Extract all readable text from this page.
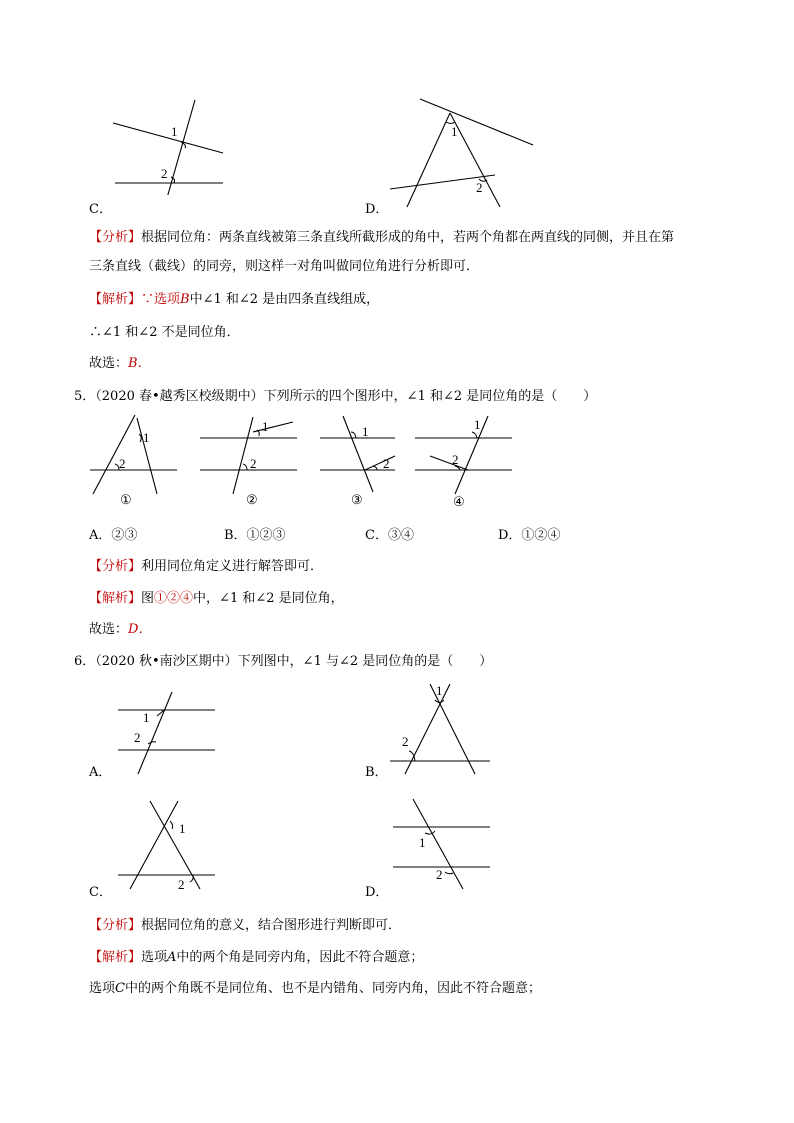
1
2
C．
1
2
D．
【分析】根据同位角：两条直线被第三条直线所截形成的角中，若两个角都在两直线的同侧，并且在第
三条直线（截线）的同旁，则这样一对角叫做同位角进行分析即可．
【解析】∵选项B中∠1 和∠2 是由四条直线组成，
∴∠1 和∠2 不是同位角．
故选：B．
5．（2020 春•越秀区校级期中）下列所示的四个图形中，∠1 和∠2 是同位角的是（　　）
1
2
①
1
2
②
1
2
③
1
2
④
A．②③	B．①②③	C．③④	D．①②④
【分析】利用同位角定义进行解答即可．
【解析】图①②④中，∠1 和∠2 是同位角，
故选：D．
6．（2020 秋•南沙区期中）下列图中，∠1 与∠2 是同位角的是（　　）
1
2
A．
1
2
B．
1
2
C．
1
2
D．
【分析】根据同位角的意义，结合图形进行判断即可．
【解析】选项A中的两个角是同旁内角，因此不符合题意；
选项C中的两个角既不是同位角、也不是内错角、同旁内角，因此不符合题意；
